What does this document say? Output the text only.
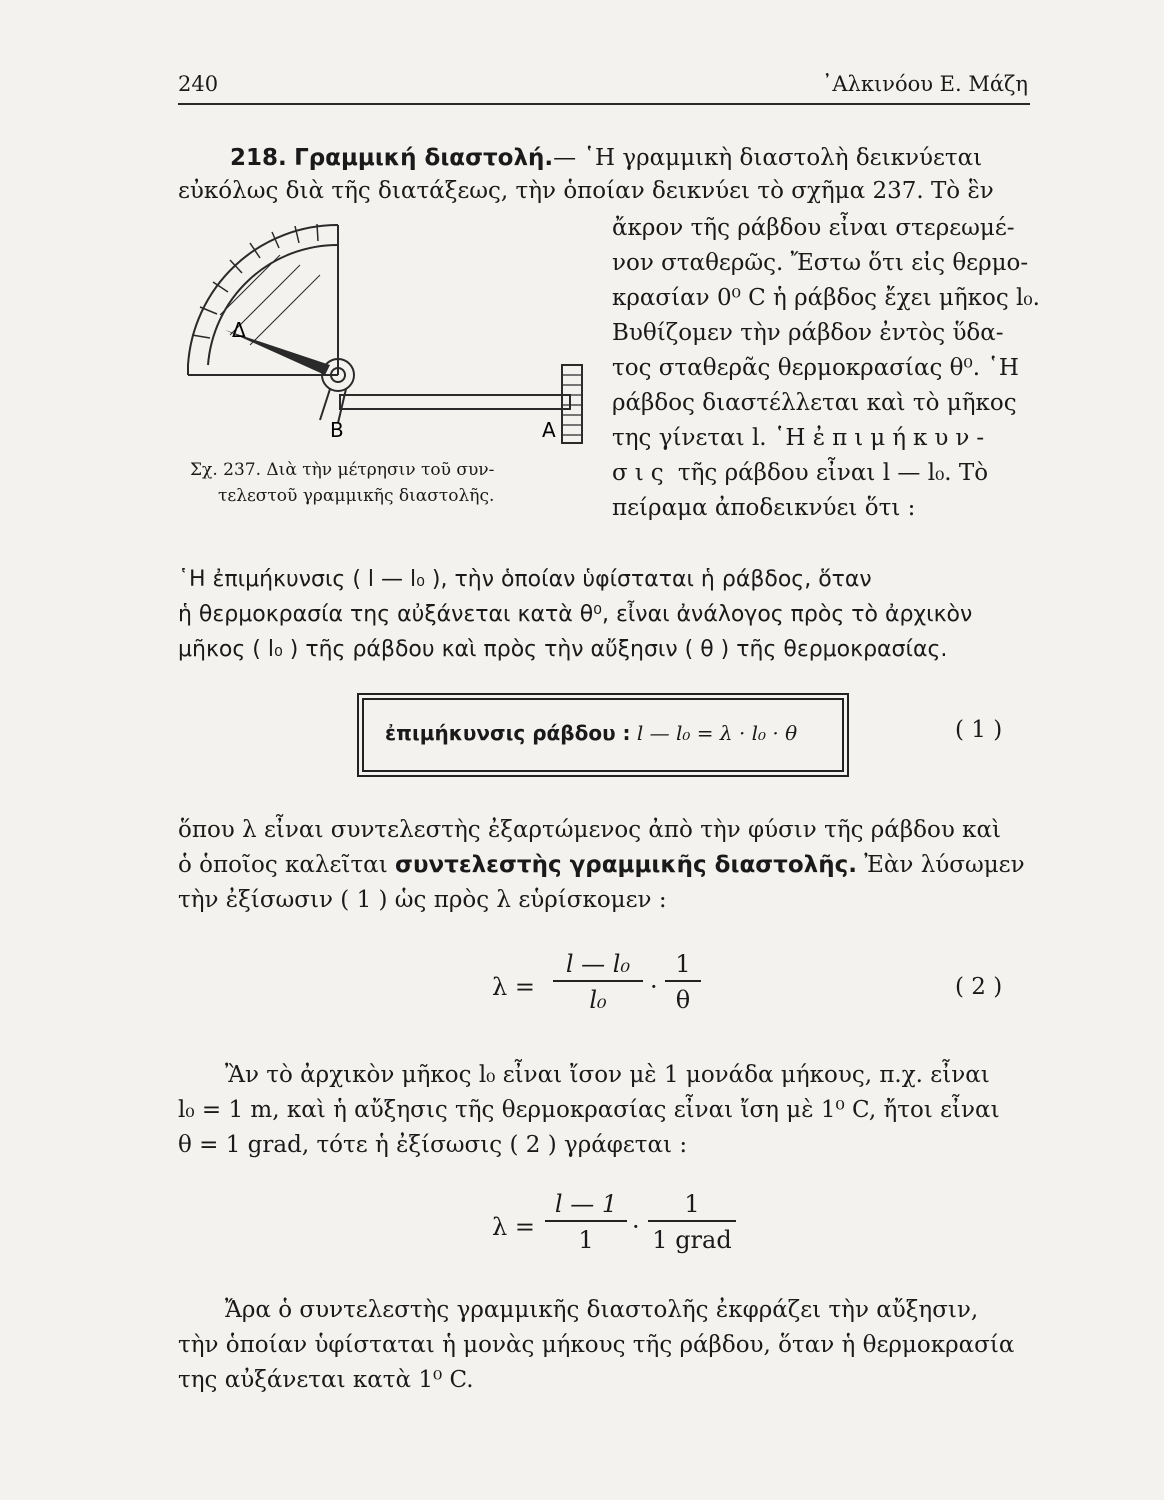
240	᾿Αλκινόου Ε. Μάζη
218. Γραμμική διαστολή.— ῾Η γραμμικὴ διαστολὴ δεικνύεται
εὐκόλως διὰ τῆς διατάξεως, τὴν ὁποίαν δεικνύει τὸ σχῆμα 237. Τὸ ἓν
ἄκρον τῆς ράβδου εἶναι στερεωμέ-
νον σταθερῶς. Ἔστω ὅτι εἰς θερμο-
κρασίαν 0⁰ C ἡ ράβδος ἔχει μῆκος l₀.
Βυθίζομεν τὴν ράβδον ἐντὸς ὕδα-
τος σταθερᾶς θερμοκρασίας θ⁰. ῾Η
ράβδος διαστέλλεται καὶ τὸ μῆκος
της γίνεται l. ῾Η ἐπιμήκυν-
σις τῆς ράβδου εἶναι l — l₀. Τὸ
πείραμα ἀποδεικνύει ὅτι :
Δ
B	A
Σχ. 237. Διὰ τὴν μέτρησιν τοῦ συν-
τελεστοῦ γραμμικῆς διαστολῆς.
῾Η ἐπιμήκυνσις ( l — l₀ ), τὴν ὁποίαν ὑφίσταται ἡ ράβδος, ὅταν
ἡ θερμοκρασία της αὐξάνεται κατὰ θ⁰, εἶναι ἀνάλογος πρὸς τὸ ἀρχικὸν
μῆκος ( l₀ ) τῆς ράβδου καὶ πρὸς τὴν αὔξησιν ( θ ) τῆς θερμοκρασίας.
ἐπιμήκυνσις ράβδου : l — l₀ = λ · l₀ · θ	( 1 )
ὅπου λ εἶναι συντελεστὴς ἐξαρτώμενος ἀπὸ τὴν φύσιν τῆς ράβδου καὶ
ὁ ὁποῖος καλεῖται συντελεστὴς γραμμικῆς διαστολῆς. Ἐὰν λύσωμεν
τὴν ἐξίσωσιν ( 1 ) ὡς πρὸς λ εὑρίσκομεν :
$\lambda = \frac{\text{l — l₀}}{\text{l₀}} \cdot \frac{1}{\theta}$	( 2 )
Ἂν τὸ ἀρχικὸν μῆκος l₀ εἶναι ἴσον μὲ 1 μονάδα μήκους, π.χ. εἶναι
l₀ = 1 m, καὶ ἡ αὔξησις τῆς θερμοκρασίας εἶναι ἴση μὲ 1⁰ C, ἤτοι εἶναι
θ = 1 grad, τότε ἡ ἐξίσωσις ( 2 ) γράφεται :
$\lambda = \frac{l — 1}{1}$ ·
1
1 grad
Ἄρα ὁ συντελεστὴς γραμμικῆς διαστολῆς ἐκφράζει τὴν αὔξησιν,
τὴν ὁποίαν ὑφίσταται ἡ μονὰς μήκους τῆς ράβδου, ὅταν ἡ θερμοκρασία
της αὐξάνεται κατὰ 1⁰ C.
